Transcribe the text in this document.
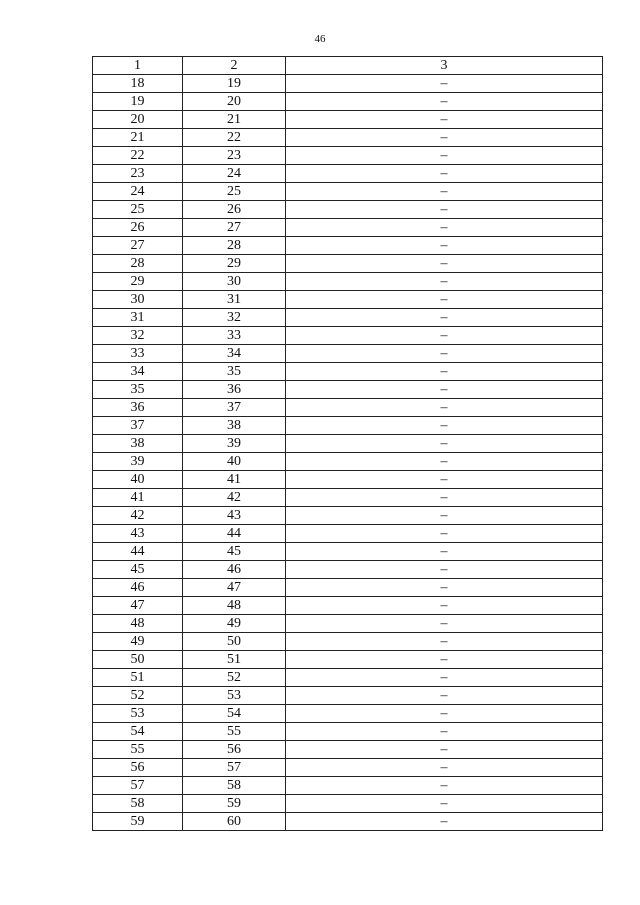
46
1	2	3
18	19	–
19	20	–
20	21	–
21	22	–
22	23	–
23	24	–
24	25	–
25	26	–
26	27	–
27	28	–
28	29	–
29	30	–
30	31	–
31	32	–
32	33	–
33	34	–
34	35	–
35	36	–
36	37	–
37	38	–
38	39	–
39	40	–
40	41	–
41	42	–
42	43	–
43	44	–
44	45	–
45	46	–
46	47	–
47	48	–
48	49	–
49	50	–
50	51	–
51	52	–
52	53	–
53	54	–
54	55	–
55	56	–
56	57	–
57	58	–
58	59	–
59	60	–
